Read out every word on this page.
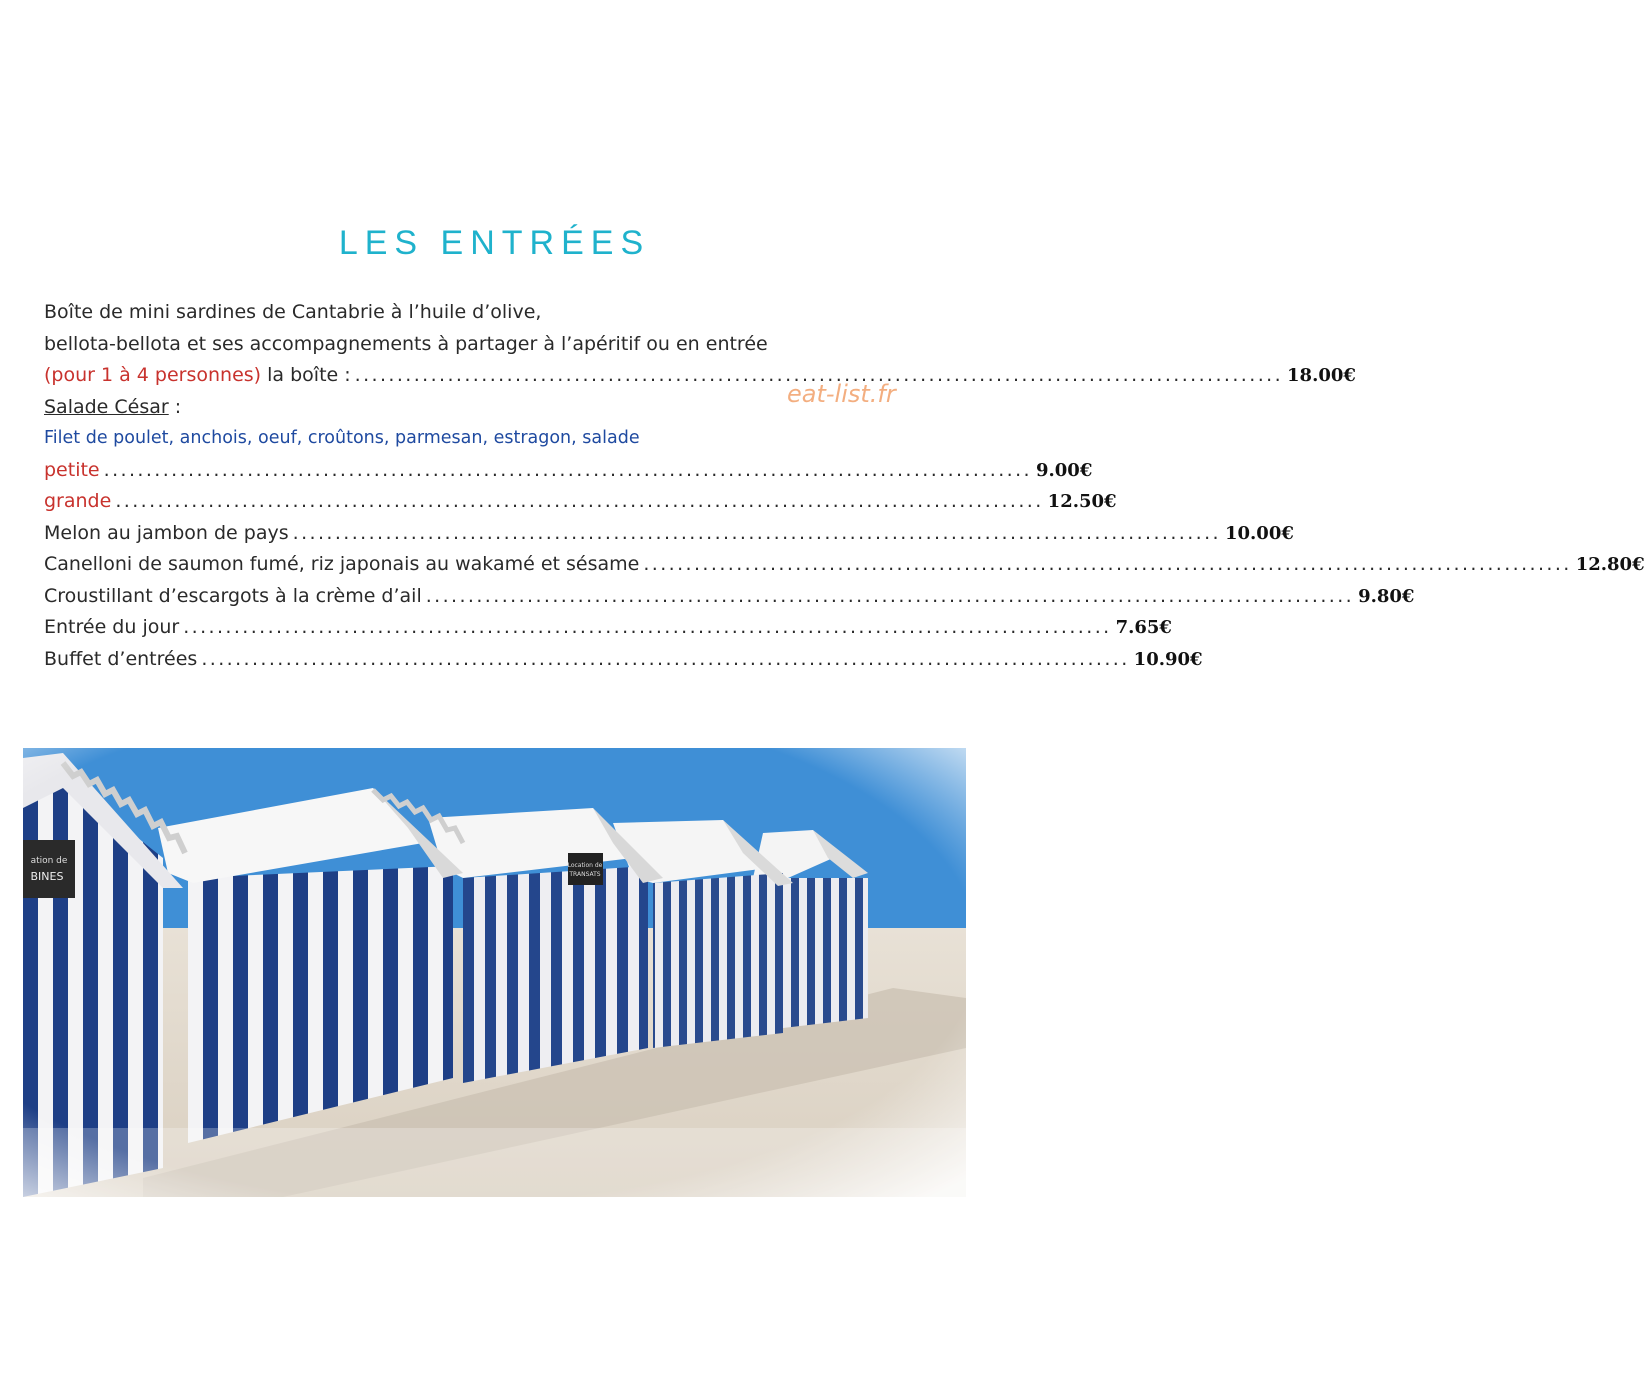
LES ENTRÉES
Boîte de mini sardines de Cantabrie à l’huile d’olive,
bellota-bellota et ses accompagnements à partager à l’apéritif ou en entrée
(pour 1 à 4 personnes) la boîte : .............................................................................................................. 18.00€
Salade César :
Filet de poulet, anchois, oeuf, croûtons, parmesan, estragon, salade
petite .............................................................................................................. 9.00€
grande .............................................................................................................. 12.50€
Melon au jambon de pays .............................................................................................................. 10.00€
Canelloni de saumon fumé, riz japonais au wakamé et sésame .............................................................................................................. 12.80€
Croustillant d’escargots à la crème d’ail .............................................................................................................. 9.80€
Entrée du jour .............................................................................................................. 7.65€
Buffet d’entrées .............................................................................................................. 10.90€
eat-list.fr
